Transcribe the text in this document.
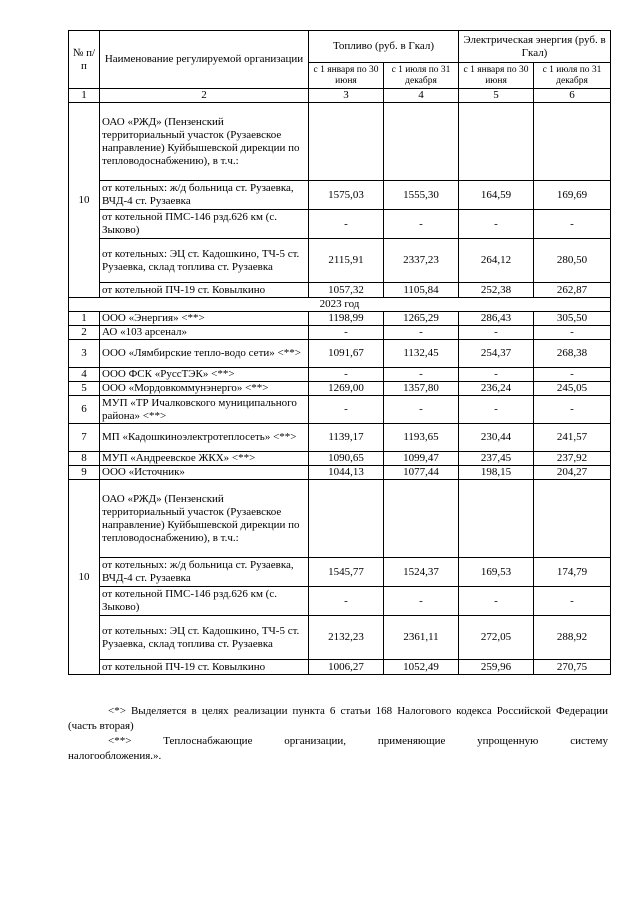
№ п/п	Наименование регулируемой организации	Топливо (руб. в Гкал)		Электрическая энергия (руб. в Гкал)	
		с 1 января по 30 июня	с 1 июля по 31 декабря	с 1 января по 30 июня	с 1 июля по 31 декабря
1	2	3	4	5	6
10	ОАО «РЖД» (Пензенский территориальный участок (Рузаевское направление) Куйбышевской дирекции по тепловодоснабжению), в т.ч.:				
	от котельных: ж/д больница ст. Рузаевка, ВЧД-4 ст. Рузаевка	1575,03	1555,30	164,59	169,69
	от котельной ПМС-146 рзд.626 км (с. Зыково)	-	-	-	-
	от котельных: ЭЦ ст. Кадошкино, ТЧ-5 ст. Рузаевка, склад топлива ст. Рузаевка	2115,91	2337,23	264,12	280,50
	от котельной ПЧ-19 ст. Ковылкино	1057,32	1105,84	252,38	262,87
2023 год					
1	ООО «Энергия» <**>	1198,99	1265,29	286,43	305,50
2	АО «103 арсенал»	-	-	-	-
3	ООО «Лямбирские тепло-водо сети» <**>	1091,67	1132,45	254,37	268,38
4	ООО ФСК «РуссТЭК» <**>	-	-	-	-
5	ООО «Мордовкоммунэнерго» <**>	1269,00	1357,80	236,24	245,05
6	МУП «ТР Ичалковского муниципального района» <**>	-	-	-	-
7	МП «Кадошкиноэлектротеплосеть» <**>	1139,17	1193,65	230,44	241,57
8	МУП «Андреевское ЖКХ» <**>	1090,65	1099,47	237,45	237,92
9	ООО «Источник»	1044,13	1077,44	198,15	204,27
10	ОАО «РЖД» (Пензенский территориальный участок (Рузаевское направление) Куйбышевской дирекции по тепловодоснабжению), в т.ч.:				
	от котельных: ж/д больница ст. Рузаевка, ВЧД-4 ст. Рузаевка	1545,77	1524,37	169,53	174,79
	от котельной ПМС-146 рзд.626 км (с. Зыково)	-	-	-	-
	от котельных: ЭЦ ст. Кадошкино, ТЧ-5 ст. Рузаевка, склад топлива ст. Рузаевка	2132,23	2361,11	272,05	288,92
	от котельной ПЧ-19 ст. Ковылкино	1006,27	1052,49	259,96	270,75

<*> Выделяется в целях реализации пункта 6 статьи 168 Налогового кодекса Российской Федерации (часть вторая)

<**> Теплоснабжающие организации, применяющие упрощенную систему

налогообложения.».
